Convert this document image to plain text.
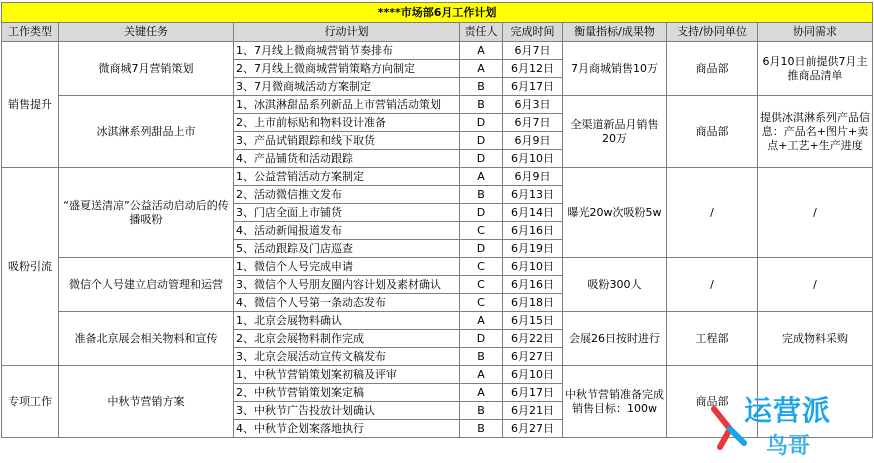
****市场部6月工作计划							
工作类型	关键任务	行动计划	责任人	完成时间	衡量指标/成果物	支持/协同单位	协同需求
销售提升	微商城7月营销策划	1、7月线上微商城营销节奏排布	A	6月7日	7月商城销售10万	商品部	6月10日前提供7月主推商品清单
		2、7月线上微商城营销策略方向制定	A	6月12日			
		3、7月微商城活动方案制定	B	6月17日			
	冰淇淋系列甜品上市	1、冰淇淋甜品系列新品上市营销活动策划	B	6月3日	全渠道新品月销售20万	商品部	提供冰淇淋系列产品信息：产品名+图片+卖点+工艺+生产进度
		2、上市前标贴和物料设计准备	D	6月7日			
		3、产品试销跟踪和线下取货	D	6月9日			
		4、产品铺货和活动跟踪	D	6月10日			
吸粉引流	“盛夏送清凉”公益活动启动后的传播吸粉	1、公益营销活动方案制定	A	6月9日	曝光20w次吸粉5w	/	/
		2、活动微信推文发布	B	6月13日			
		3、门店全面上市铺货	D	6月14日			
		4、活动新闻报道发布	C	6月16日			
		5、活动跟踪及门店巡查	D	6月19日			
	微信个人号建立启动管理和运营	1、微信个人号完成申请	C	6月10日	吸粉300人	/	/
		3、微信个人号朋友圈内容计划及素材确认	C	6月16日			
		4、微信个人号第一条动态发布	C	6月18日			
	准备北京展会相关物料和宣传	1、北京会展物料确认	A	6月15日	会展26日按时进行	工程部	完成物料采购
		2、北京会展物料制作完成	D	6月22日			
		3、北京会展活动宣传文稿发布	B	6月27日			
专项工作	中秋节营销方案	1、中秋节营销策划案初稿及评审	A	6月10日	中秋节营销准备完成销售目标：100w	商品部	
		2、中秋节营销策划案定稿	A	6月17日			
		3、中秋节广告投放计划确认	B	6月21日			
		4、中秋节企划案落地执行	B	6月27日			
运营派
鸟哥
